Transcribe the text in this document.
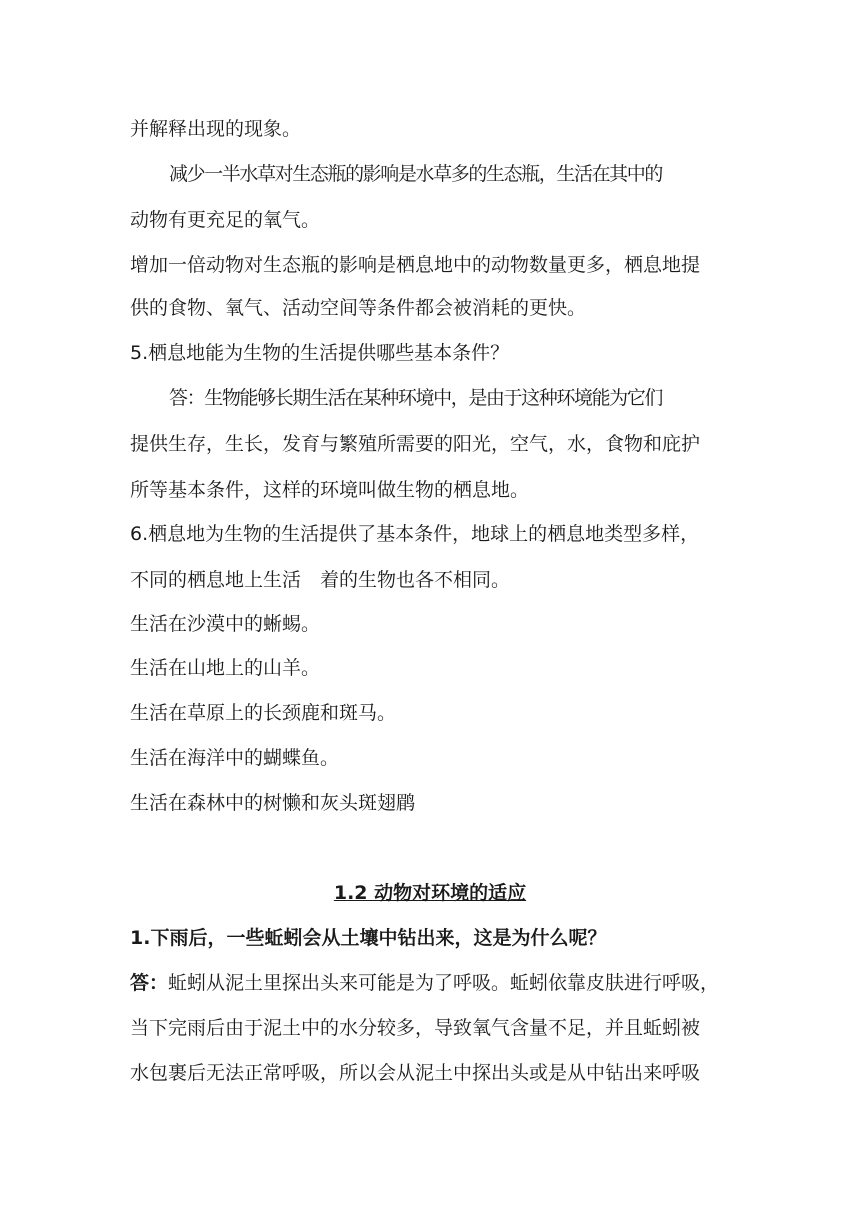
并解释出现的现象。
减少一半水草对生态瓶的影响是水草多的生态瓶，生活在其中的
动物有更充足的氧气。
增加一倍动物对生态瓶的影响是栖息地中的动物数量更多，栖息地提
供的食物、氧气、活动空间等条件都会被消耗的更快。
5.栖息地能为生物的生活提供哪些基本条件？
答：生物能够长期生活在某种环境中，是由于这种环境能为它们
提供生存，生长，发育与繁殖所需要的阳光，空气，水，食物和庇护
所等基本条件，这样的环境叫做生物的栖息地。
6.栖息地为生物的生活提供了基本条件，地球上的栖息地类型多样，
不同的栖息地上生活　着的生物也各不相同。
生活在沙漠中的蜥蜴。
生活在山地上的山羊。
生活在草原上的长颈鹿和斑马。
生活在海洋中的蝴蝶鱼。
生活在森林中的树懒和灰头斑翅鹛
1.2 动物对环境的适应
1.下雨后，一些蚯蚓会从土壤中钻出来，这是为什么呢？
答：蚯蚓从泥土里探出头来可能是为了呼吸。蚯蚓依靠皮肤进行呼吸，
当下完雨后由于泥土中的水分较多，导致氧气含量不足，并且蚯蚓被
水包裹后无法正常呼吸，所以会从泥土中探出头或是从中钻出来呼吸
